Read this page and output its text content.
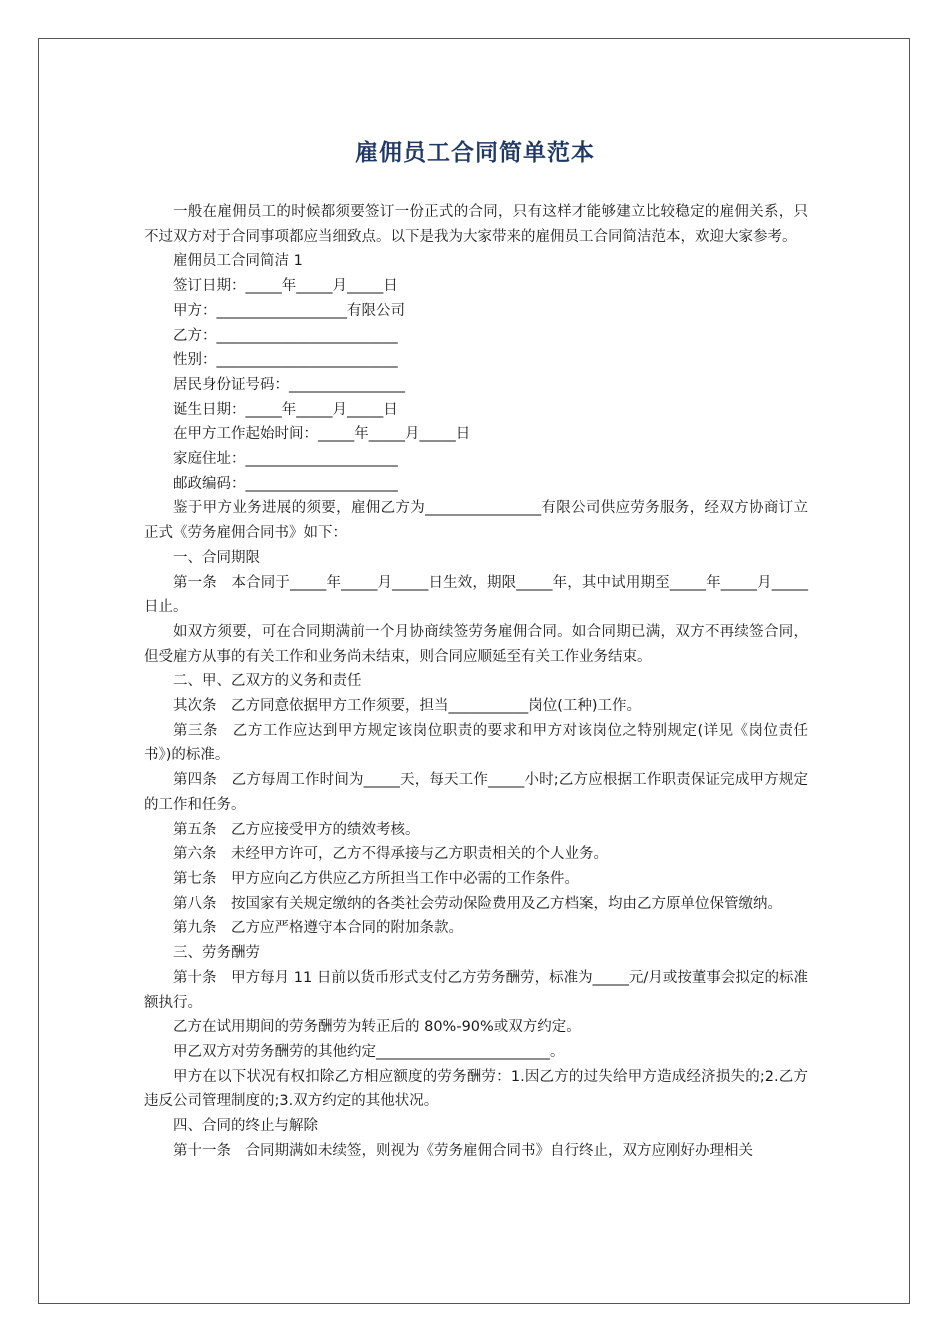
雇佣员工合同简单范本

一般在雇佣员工的时候都须要签订一份正式的合同，只有这样才能够建立比较稳定的雇佣关系，只不过双方对于合同事项都应当细致点。以下是我为大家带来的雇佣员工合同简洁范本，欢迎大家参考。

雇佣员工合同简洁 1

签订日期：_____年_____月_____日

甲方：__________________有限公司

乙方：_________________________

性别：_________________________

居民身份证号码：________________

诞生日期：_____年_____月_____日

在甲方工作起始时间：_____年_____月_____日

家庭住址：_____________________

邮政编码：_____________________

鉴于甲方业务进展的须要，雇佣乙方为________________有限公司供应劳务服务，经双方协商订立正式《劳务雇佣合同书》如下：

一、合同期限

第一条　本合同于_____年_____月_____日生效，期限_____年，其中试用期至_____年_____月_____日止。

如双方须要，可在合同期满前一个月协商续签劳务雇佣合同。如合同期已满，双方不再续签合同，但受雇方从事的有关工作和业务尚未结束，则合同应顺延至有关工作业务结束。

二、甲、乙双方的义务和责任

其次条　乙方同意依据甲方工作须要，担当___________岗位(工种)工作。

第三条　乙方工作应达到甲方规定该岗位职责的要求和甲方对该岗位之特别规定(详见《岗位责任书》)的标准。

第四条　乙方每周工作时间为_____天，每天工作_____小时;乙方应根据工作职责保证完成甲方规定的工作和任务。

第五条　乙方应接受甲方的绩效考核。

第六条　未经甲方许可，乙方不得承接与乙方职责相关的个人业务。

第七条　甲方应向乙方供应乙方所担当工作中必需的工作条件。

第八条　按国家有关规定缴纳的各类社会劳动保险费用及乙方档案，均由乙方原单位保管缴纳。

第九条　乙方应严格遵守本合同的附加条款。

三、劳务酬劳

第十条　甲方每月 11 日前以货币形式支付乙方劳务酬劳，标准为_____元/月或按董事会拟定的标准额执行。

乙方在试用期间的劳务酬劳为转正后的 80%-90%或双方约定。

甲乙双方对劳务酬劳的其他约定________________________。

甲方在以下状况有权扣除乙方相应额度的劳务酬劳：1.因乙方的过失给甲方造成经济损失的;2.乙方违反公司管理制度的;3.双方约定的其他状况。

四、合同的终止与解除

第十一条　合同期满如未续签，则视为《劳务雇佣合同书》自行终止，双方应刚好办理相关
